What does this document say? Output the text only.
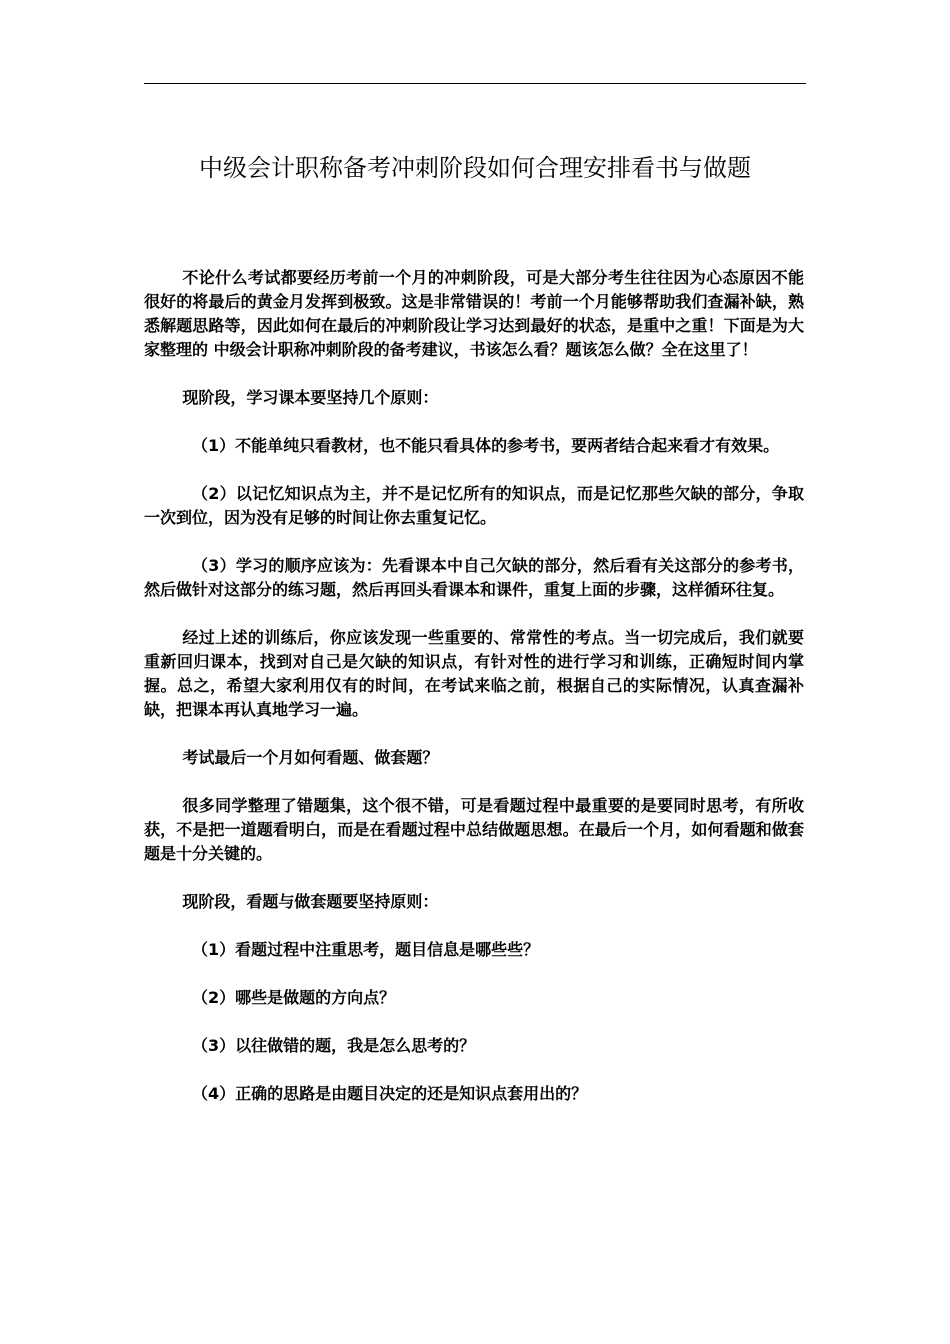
中级会计职称备考冲刺阶段如何合理安排看书与做题

不论什么考试都要经历考前一个月的冲刺阶段，可是大部分考生往往因为心态原因不能很好的将最后的黄金月发挥到极致。这是非常错误的！考前一个月能够帮助我们查漏补缺，熟悉解题思路等，因此如何在最后的冲刺阶段让学习达到最好的状态，是重中之重！下面是为大家整理的 中级会计职称冲刺阶段的备考建议，书该怎么看？题该怎么做？全在这里了！

现阶段，学习课本要坚持几个原则：

（1）不能单纯只看教材，也不能只看具体的参考书，要两者结合起来看才有效果。

（2）以记忆知识点为主，并不是记忆所有的知识点，而是记忆那些欠缺的部分，争取一次到位，因为没有足够的时间让你去重复记忆。

（3）学习的顺序应该为：先看课本中自己欠缺的部分，然后看有关这部分的参考书，然后做针对这部分的练习题，然后再回头看课本和课件，重复上面的步骤，这样循环往复。

经过上述的训练后，你应该发现一些重要的、常常性的考点。当一切完成后，我们就要重新回归课本，找到对自己是欠缺的知识点，有针对性的进行学习和训练，正确短时间内掌握。总之，希望大家利用仅有的时间，在考试来临之前，根据自己的实际情况，认真查漏补缺，把课本再认真地学习一遍。

考试最后一个月如何看题、做套题？

很多同学整理了错题集，这个很不错，可是看题过程中最重要的是要同时思考，有所收获，不是把一道题看明白，而是在看题过程中总结做题思想。在最后一个月，如何看题和做套题是十分关键的。

现阶段，看题与做套题要坚持原则：

（1）看题过程中注重思考，题目信息是哪些些？

（2）哪些是做题的方向点？

（3）以往做错的题，我是怎么思考的？

（4）正确的思路是由题目决定的还是知识点套用出的？
